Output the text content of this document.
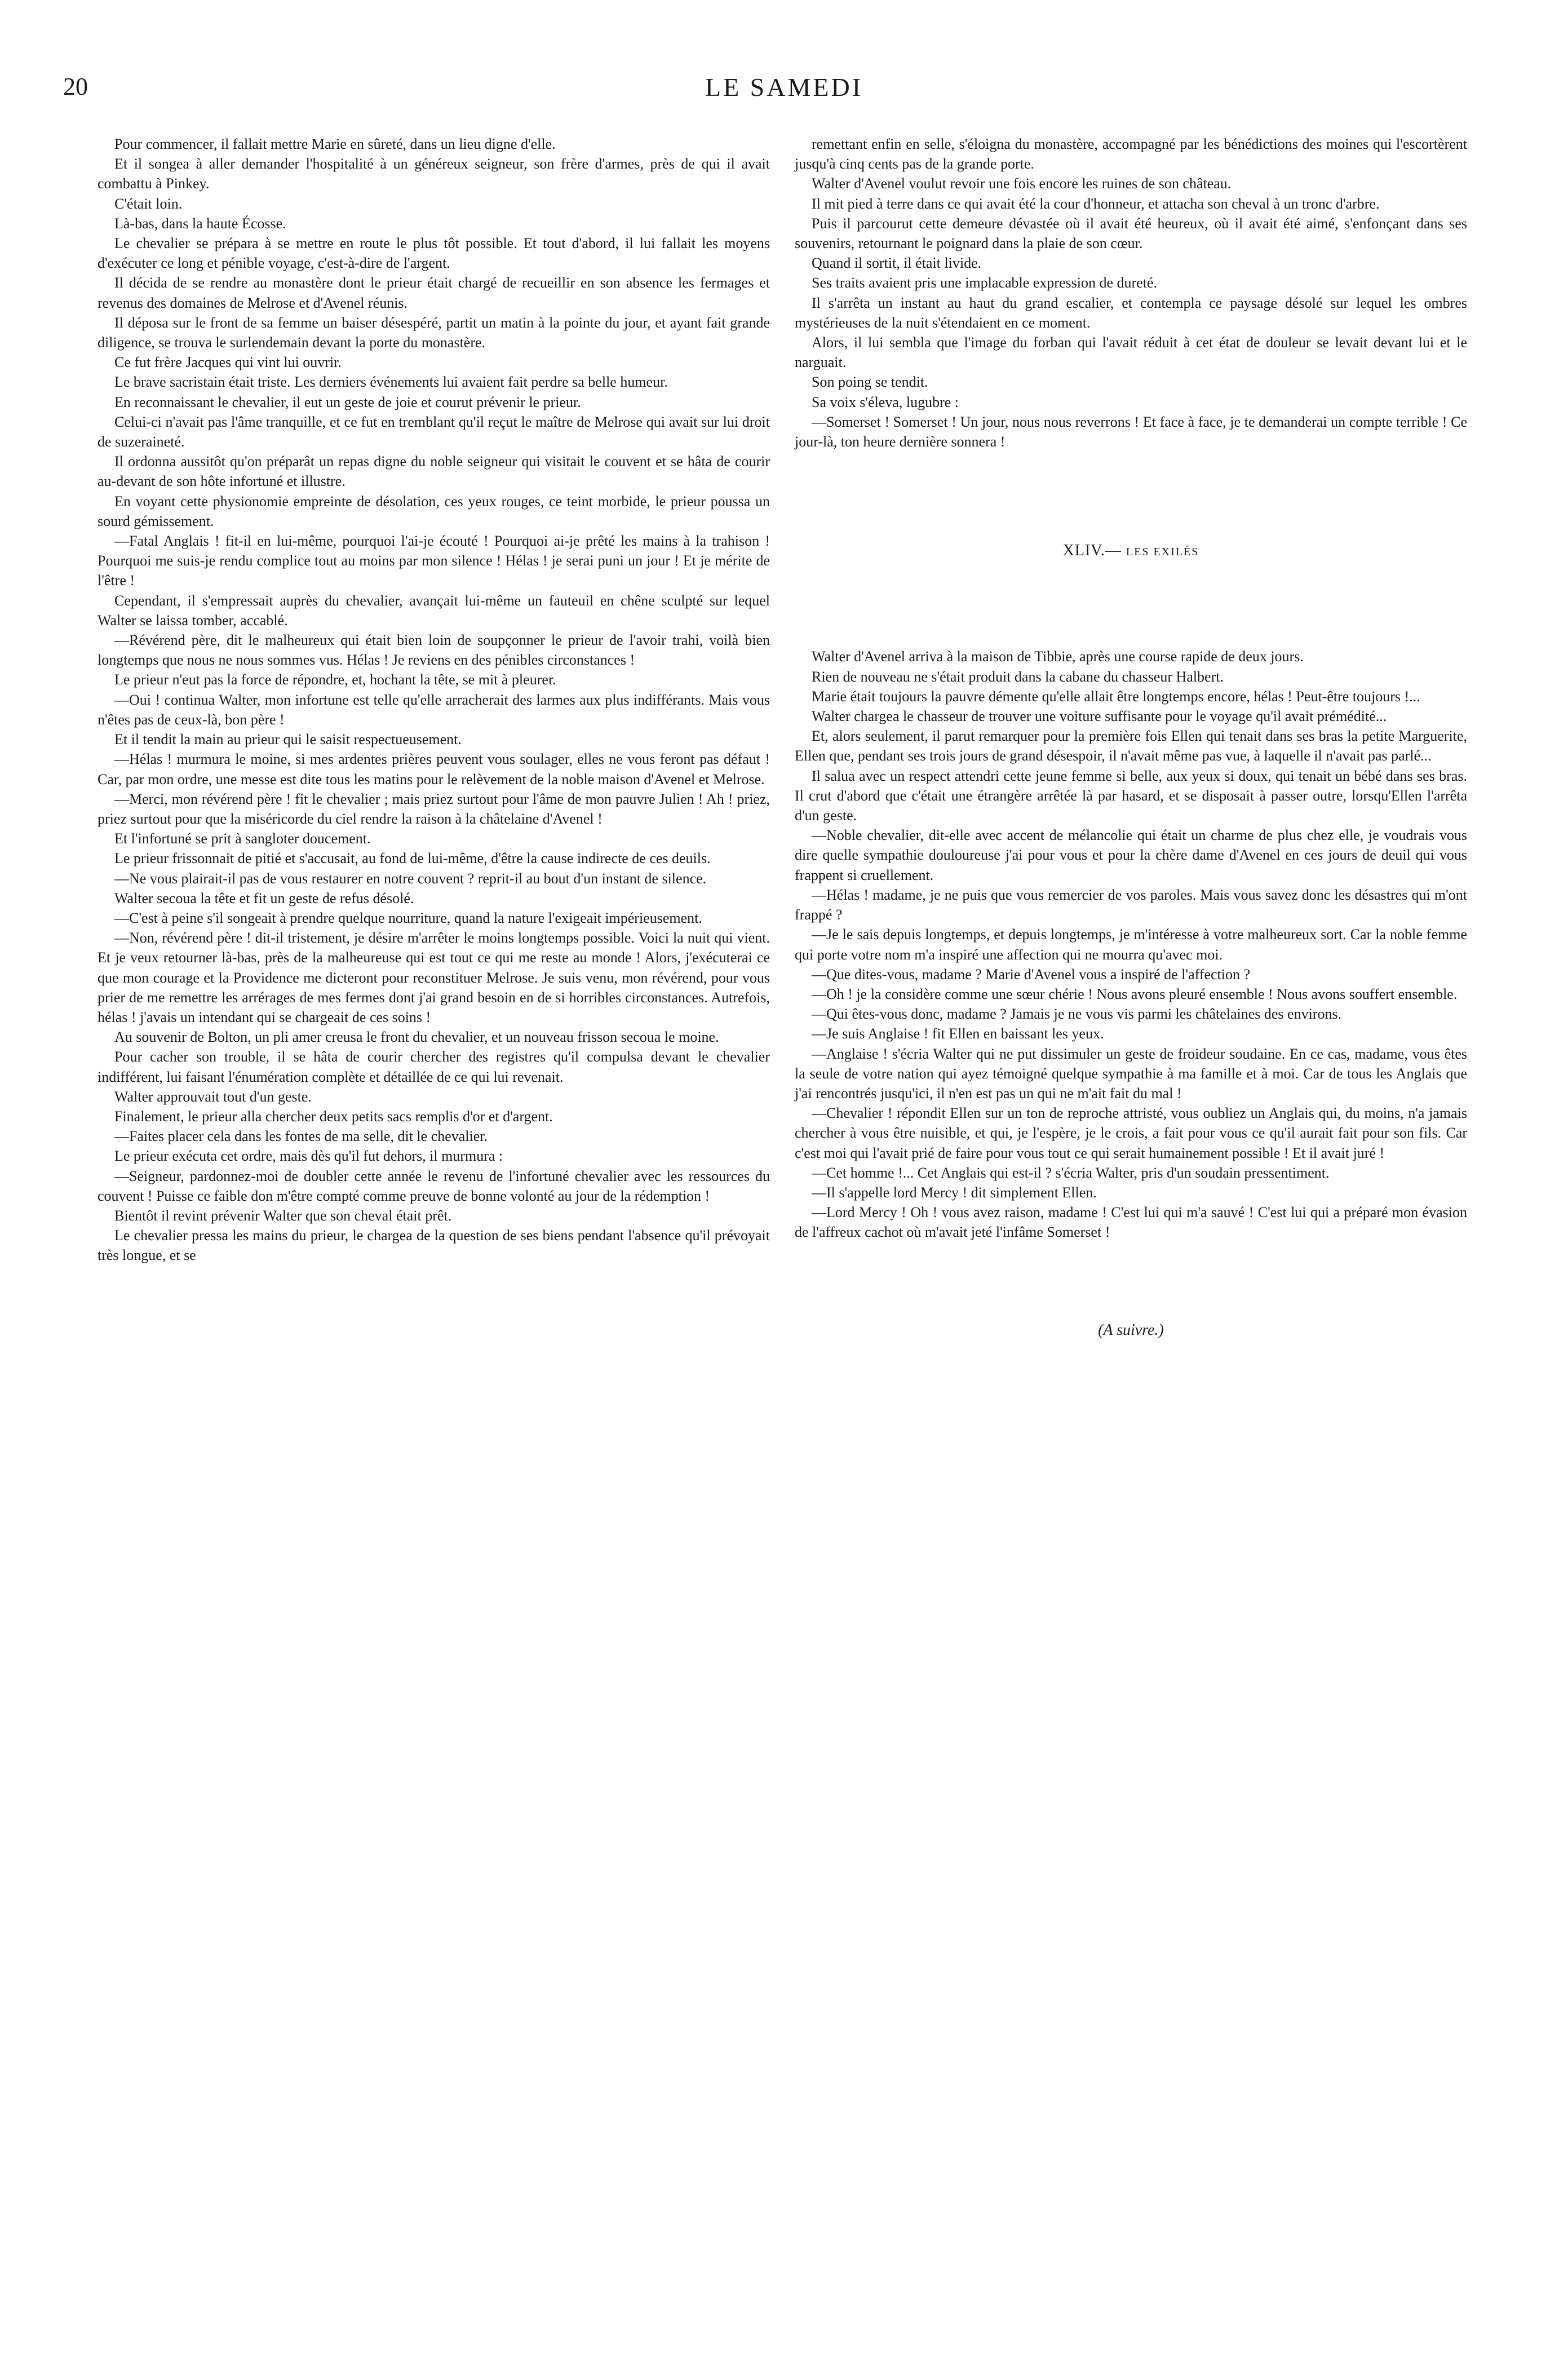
20	LE SAMEDI

Pour commencer, il fallait mettre Marie en sûreté, dans un lieu digne d'elle.

Et il songea à aller demander l'hospitalité à un généreux seigneur, son frère d'armes, près de qui il avait combattu à Pinkey.

C'était loin.

Là-bas, dans la haute Écosse.

Le chevalier se prépara à se mettre en route le plus tôt possible. Et tout d'abord, il lui fallait les moyens d'exécuter ce long et pénible voyage, c'est-à-dire de l'argent.

Il décida de se rendre au monastère dont le prieur était chargé de recueillir en son absence les fermages et revenus des domaines de Melrose et d'Avenel réunis.

Il déposa sur le front de sa femme un baiser désespéré, partit un matin à la pointe du jour, et ayant fait grande diligence, se trouva le surlendemain devant la porte du monastère.

Ce fut frère Jacques qui vint lui ouvrir.

Le brave sacristain était triste. Les derniers événements lui avaient fait perdre sa belle humeur.

En reconnaissant le chevalier, il eut un geste de joie et courut prévenir le prieur.

Celui-ci n'avait pas l'âme tranquille, et ce fut en tremblant qu'il reçut le maître de Melrose qui avait sur lui droit de suzeraineté.

Il ordonna aussitôt qu'on préparât un repas digne du noble seigneur qui visitait le couvent et se hâta de courir au-devant de son hôte infortuné et illustre.

En voyant cette physionomie empreinte de désolation, ces yeux rouges, ce teint morbide, le prieur poussa un sourd gémissement.

—Fatal Anglais ! fit-il en lui-même, pourquoi l'ai-je écouté ! Pourquoi ai-je prêté les mains à la trahison ! Pourquoi me suis-je rendu complice tout au moins par mon silence ! Hélas ! je serai puni un jour ! Et je mérite de l'être !

Cependant, il s'empressait auprès du chevalier, avançait lui-même un fauteuil en chêne sculpté sur lequel Walter se laissa tomber, accablé.

—Révérend père, dit le malheureux qui était bien loin de soupçonner le prieur de l'avoir trahi, voilà bien longtemps que nous ne nous sommes vus. Hélas ! Je reviens en des pénibles circonstances !

Le prieur n'eut pas la force de répondre, et, hochant la tête, se mit à pleurer.

—Oui ! continua Walter, mon infortune est telle qu'elle arracherait des larmes aux plus indifférants. Mais vous n'êtes pas de ceux-là, bon père !

Et il tendit la main au prieur qui le saisit respectueusement.

—Hélas ! murmura le moine, si mes ardentes prières peuvent vous soulager, elles ne vous feront pas défaut ! Car, par mon ordre, une messe est dite tous les matins pour le relèvement de la noble maison d'Avenel et Melrose.

—Merci, mon révérend père ! fit le chevalier ; mais priez surtout pour l'âme de mon pauvre Julien ! Ah ! priez, priez surtout pour que la miséricorde du ciel rendre la raison à la châtelaine d'Avenel !

Et l'infortuné se prit à sangloter doucement.

Le prieur frissonnait de pitié et s'accusait, au fond de lui-même, d'être la cause indirecte de ces deuils.

—Ne vous plairait-il pas de vous restaurer en notre couvent ? reprit-il au bout d'un instant de silence.

Walter secoua la tête et fit un geste de refus désolé.

—C'est à peine s'il songeait à prendre quelque nourriture, quand la nature l'exigeait impérieusement.

—Non, révérend père ! dit-il tristement, je désire m'arrêter le moins longtemps possible. Voici la nuit qui vient. Et je veux retourner là-bas, près de la malheureuse qui est tout ce qui me reste au monde ! Alors, j'exécuterai ce que mon courage et la Providence me dicteront pour reconstituer Melrose. Je suis venu, mon révérend, pour vous prier de me remettre les arrérages de mes fermes dont j'ai grand besoin en de si horribles circonstances. Autrefois, hélas ! j'avais un intendant qui se chargeait de ces soins !

Au souvenir de Bolton, un pli amer creusa le front du chevalier, et un nouveau frisson secoua le moine.

Pour cacher son trouble, il se hâta de courir chercher des registres qu'il compulsa devant le chevalier indifférent, lui faisant l'énumération complète et détaillée de ce qui lui revenait.

Walter approuvait tout d'un geste.

Finalement, le prieur alla chercher deux petits sacs remplis d'or et d'argent.

—Faites placer cela dans les fontes de ma selle, dit le chevalier.

Le prieur exécuta cet ordre, mais dès qu'il fut dehors, il murmura :

—Seigneur, pardonnez-moi de doubler cette année le revenu de l'infortuné chevalier avec les ressources du couvent ! Puisse ce faible don m'être compté comme preuve de bonne volonté au jour de la rédemption !

Bientôt il revint prévenir Walter que son cheval était prêt.

Le chevalier pressa les mains du prieur, le chargea de la question de ses biens pendant l'absence qu'il prévoyait très longue, et se

remettant enfin en selle, s'éloigna du monastère, accompagné par les bénédictions des moines qui l'escortèrent jusqu'à cinq cents pas de la grande porte.

Walter d'Avenel voulut revoir une fois encore les ruines de son château.

Il mit pied à terre dans ce qui avait été la cour d'honneur, et attacha son cheval à un tronc d'arbre.

Puis il parcourut cette demeure dévastée où il avait été heureux, où il avait été aimé, s'enfonçant dans ses souvenirs, retournant le poignard dans la plaie de son cœur.

Quand il sortit, il était livide.

Ses traits avaient pris une implacable expression de dureté.

Il s'arrêta un instant au haut du grand escalier, et contempla ce paysage désolé sur lequel les ombres mystérieuses de la nuit s'étendaient en ce moment.

Alors, il lui sembla que l'image du forban qui l'avait réduit à cet état de douleur se levait devant lui et le narguait.

Son poing se tendit.

Sa voix s'éleva, lugubre :

—Somerset ! Somerset ! Un jour, nous nous reverrons ! Et face à face, je te demanderai un compte terrible ! Ce jour-là, ton heure dernière sonnera !

XLIV.— LES EXILÉS

Walter d'Avenel arriva à la maison de Tibbie, après une course rapide de deux jours.

Rien de nouveau ne s'était produit dans la cabane du chasseur Halbert.

Marie était toujours la pauvre démente qu'elle allait être longtemps encore, hélas ! Peut-être toujours !...

Walter chargea le chasseur de trouver une voiture suffisante pour le voyage qu'il avait prémédité...

Et, alors seulement, il parut remarquer pour la première fois Ellen qui tenait dans ses bras la petite Marguerite, Ellen que, pendant ses trois jours de grand désespoir, il n'avait même pas vue, à laquelle il n'avait pas parlé...

Il salua avec un respect attendri cette jeune femme si belle, aux yeux si doux, qui tenait un bébé dans ses bras. Il crut d'abord que c'était une étrangère arrêtée là par hasard, et se disposait à passer outre, lorsqu'Ellen l'arrêta d'un geste.

—Noble chevalier, dit-elle avec accent de mélancolie qui était un charme de plus chez elle, je voudrais vous dire quelle sympathie douloureuse j'ai pour vous et pour la chère dame d'Avenel en ces jours de deuil qui vous frappent si cruellement.

—Hélas ! madame, je ne puis que vous remercier de vos paroles. Mais vous savez donc les désastres qui m'ont frappé ?

—Je le sais depuis longtemps, et depuis longtemps, je m'intéresse à votre malheureux sort. Car la noble femme qui porte votre nom m'a inspiré une affection qui ne mourra qu'avec moi.

—Que dites-vous, madame ? Marie d'Avenel vous a inspiré de l'affection ?

—Oh ! je la considère comme une sœur chérie ! Nous avons pleuré ensemble ! Nous avons souffert ensemble.

—Qui êtes-vous donc, madame ? Jamais je ne vous vis parmi les châtelaines des environs.

—Je suis Anglaise ! fit Ellen en baissant les yeux.

—Anglaise ! s'écria Walter qui ne put dissimuler un geste de froideur soudaine. En ce cas, madame, vous êtes la seule de votre nation qui ayez témoigné quelque sympathie à ma famille et à moi. Car de tous les Anglais que j'ai rencontrés jusqu'ici, il n'en est pas un qui ne m'ait fait du mal !

—Chevalier ! répondit Ellen sur un ton de reproche attristé, vous oubliez un Anglais qui, du moins, n'a jamais chercher à vous être nuisible, et qui, je l'espère, je le crois, a fait pour vous ce qu'il aurait fait pour son fils. Car c'est moi qui l'avait prié de faire pour vous tout ce qui serait humainement possible ! Et il avait juré !

—Cet homme !... Cet Anglais qui est-il ? s'écria Walter, pris d'un soudain pressentiment.

—Il s'appelle lord Mercy ! dit simplement Ellen.

—Lord Mercy ! Oh ! vous avez raison, madame ! C'est lui qui m'a sauvé ! C'est lui qui a préparé mon évasion de l'affreux cachot où m'avait jeté l'infâme Somerset !

(A suivre.)
